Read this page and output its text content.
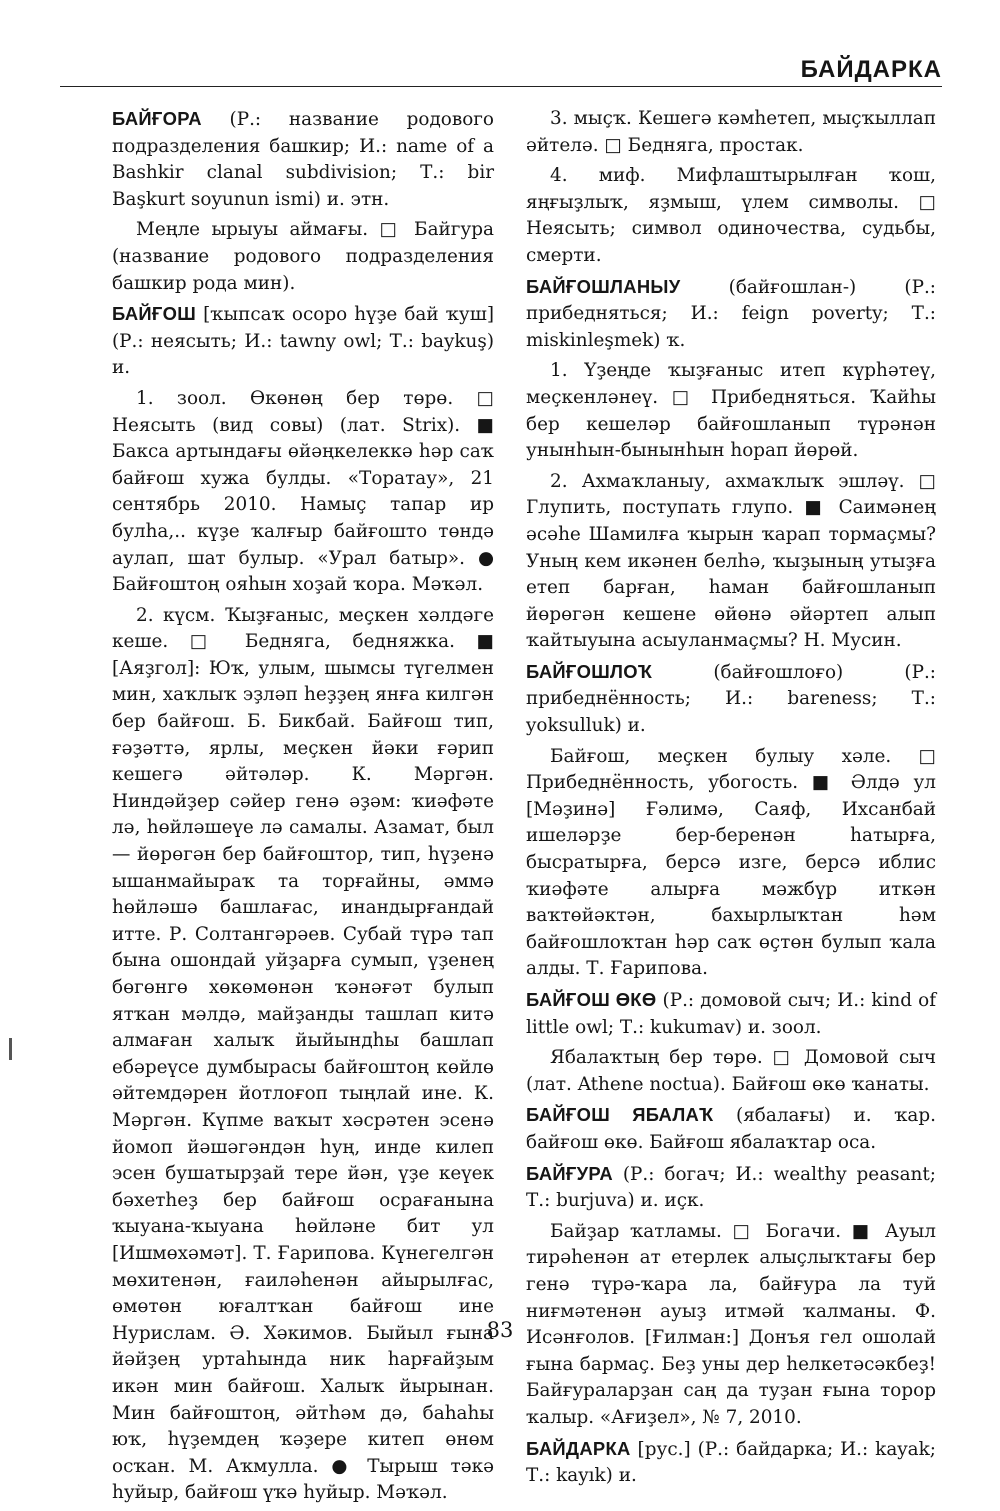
БАЙДАРКА

БАЙҒОРА (Р.: название родового подразделения башкир; И.: name of a Bashkir clanal subdivision; Т.: bir Başkurt soyunun ismi) и. этн.

Меңле ырыуы аймағы. □ Байгура (название родового подразделения башкир рода мин).

БАЙҒОШ [ҡыпсаҡ осоро һүҙе бай ҡуш] (Р.: неясыть; И.: tawny owl; Т.: baykuş) и.

1. зоол. Өкөнөң бер төрө. □ Неясыть (вид совы) (лат. Strix). ■ Бакса артындағы өйәңкелеккә һәр саҡ байғош хужа булды. «Торатау», 21 сентябрь 2010. Намыҫ тапар ир булһа,.. күҙе ҡалғыр байғошто төндә аулап, шат булыр. «Урал батыр». ● Байғоштоң ояһын хоҙай ҡора. Мәҡәл.

2. күсм. Ҡыҙғаныс, меҫкен хәлдәге кеше. □ Бедняга, бедняжка. ■ [Аяҙгол]: Юҡ, улым, шымсы түгелмен мин, хаҡлыҡ эҙләп һеҙҙең янға килгән бер байғош. Б. Бикбай. Байғош тип, ғәҙәттә, ярлы, меҫкен йәки ғәрип кешегә әйтәләр. К. Мәргән. Ниндәйҙер сәйер генә әҙәм: ҡиәфәте лә, һөйләшеүе лә самалы. Азамат, был — йөрөгән бер байғоштор, тип, һүҙенә ышанмайыраҡ та торғайны, әммә һөйләшә башлағас, инандырғандай итте. Р. Солтангәрәев. Субай түрә тап бына ошондай уйҙарға сумып, үҙенең бөгөнгө хөкөмөнән ҡәнәғәт булып ятҡан мәлдә, майҙанды ташлап китә алмаған халыҡ йыйындһы башлап ебәреүсе думбырасы байғоштоң көйлө әйтемдәрен йотлоғоп тыңлай ине. К. Мәргән. Күпме ваҡыт хәсрәтен эсенә йомоп йәшәгәндән һуң, инде килеп эсен бушатырҙай тере йән, үҙе кеүек бәхетһеҙ бер байғош осрағанына ҡыуана-ҡыуана һөйләне бит ул [Ишмөхәмәт]. Т. Ғарипова. Күнегелгән мөхитенән, ғаиләһенән айырылғас, өмөтөн юғалтҡан байғош ине Нурислам. Ә. Хәкимов. Быйыл ғына йәйҙең уртаһында ник һарғайҙым икән мин байғош. Халыҡ йырынан. Мин байғоштоң, әйтһәм дә, баһаһы юҡ, һүҙемдең ҡәҙере китеп өнөм осҡан. М. Аҡмулла. ● Тырыш тәкә һуйыр, байғош үҡә һуйыр. Мәҡәл.

3. мыҫҡ. Кешегә кәмһетеп, мыҫҡыллап әйтелә. □ Бедняга, простак.

4. миф. Мифлаштырылған ҡош, яңғыҙлыҡ, яҙмыш, үлем символы. □ Неясыть; символ одиночества, судьбы, смерти.

БАЙҒОШЛАНЫУ (байғошлан-) (Р.: прибедняться; И.: feign poverty; Т.: miskinleşmek) ҡ.

1. Үҙеңде ҡыҙғаныс итеп күрһәтеү, меҫкенләнеү. □ Прибедняться. Ҡайһы бер кешеләр байғошланып түрәнән унынһын-бынынһын һорап йөрөй.

2. Ахмаҡланыу, ахмаҡлыҡ эшләү. □ Глупить, поступать глупо. ■ Саимәнең әсәһе Шамилға ҡырын ҡарап тормаҫмы? Уның кем икәнен белһә, ҡыҙының утыҙға етеп барған, һаман байғошланып йөрөгән кешене өйөнә әйәртеп алып ҡайтыуына асыуланмаҫмы? Н. Мусин.

БАЙҒОШЛОҠ (байғошлоғо) (Р.: прибеднённость; И.: bareness; Т.: yoksulluk) и.

Байғош, меҫкен булыу хәле. □ Прибеднённость, убогость. ■ Әлдә ул [Мәҙинә] Ғәлимә, Саяф, Ихсанбай ишеләрҙе бер-беренән һатырға, бысратырға, берсә изге, берсә иблис ҡиәфәте алырға мәжбүр иткән ваҡтөйәктән, бахырлыҡтан һәм байғошлоҡтан һәр саҡ өҫтөн булып ҡала алды. Т. Ғарипова.

БАЙҒОШ ӨКӨ (Р.: домовой сыч; И.: kind of little owl; Т.: kukumav) и. зоол.

Ябалаҡтың бер төрө. □ Домовой сыч (лат. Athene noctua). Байғош өкө ҡанаты.

БАЙҒОШ ЯБАЛАҠ (ябалағы) и. ҡар. байғош өкө. Байғош ябалаҡтар оса.

БАЙҒУРА (Р.: богач; И.: wealthy peasant; Т.: burjuva) и. иҫк.

Байҙар ҡатламы. □ Богачи. ■ Ауыл тирәһенән ат етерлек алыҫлыҡтағы бер генә түрә-ҡара ла, байғура ла туй ниғмәтенән ауыҙ итмәй ҡалманы. Ф. Исәнғолов. [Ғилман:] Донъя гел ошолай ғына бармаҫ. Беҙ уны дер һелкетәсәкбеҙ! Байғураларҙан саң да туҙан ғына торор ҡалыр. «Ағиҙел», № 7, 2010.

БАЙДАРКА [рус.] (Р.: байдарка; И.: kayak; Т.: kayık) и.

83
